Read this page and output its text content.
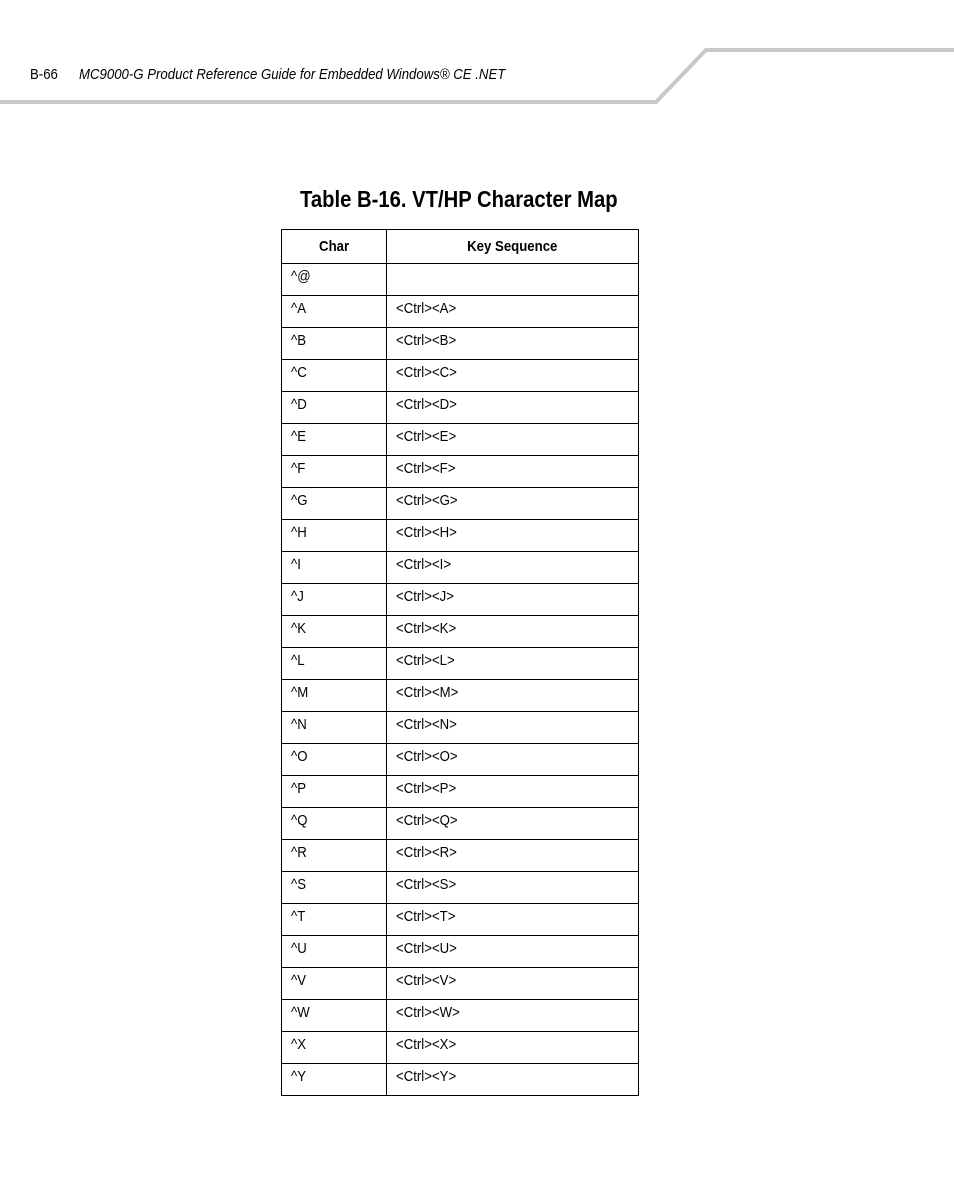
B-66 MC9000-G Product Reference Guide for Embedded Windows® CE .NET
Table B-16. VT/HP Character Map
Char	Key Sequence
^@	
^A	<Ctrl><A>
^B	<Ctrl><B>
^C	<Ctrl><C>
^D	<Ctrl><D>
^E	<Ctrl><E>
^F	<Ctrl><F>
^G	<Ctrl><G>
^H	<Ctrl><H>
^I	<Ctrl><I>
^J	<Ctrl><J>
^K	<Ctrl><K>
^L	<Ctrl><L>
^M	<Ctrl><M>
^N	<Ctrl><N>
^O	<Ctrl><O>
^P	<Ctrl><P>
^Q	<Ctrl><Q>
^R	<Ctrl><R>
^S	<Ctrl><S>
^T	<Ctrl><T>
^U	<Ctrl><U>
^V	<Ctrl><V>
^W	<Ctrl><W>
^X	<Ctrl><X>
^Y	<Ctrl><Y>
